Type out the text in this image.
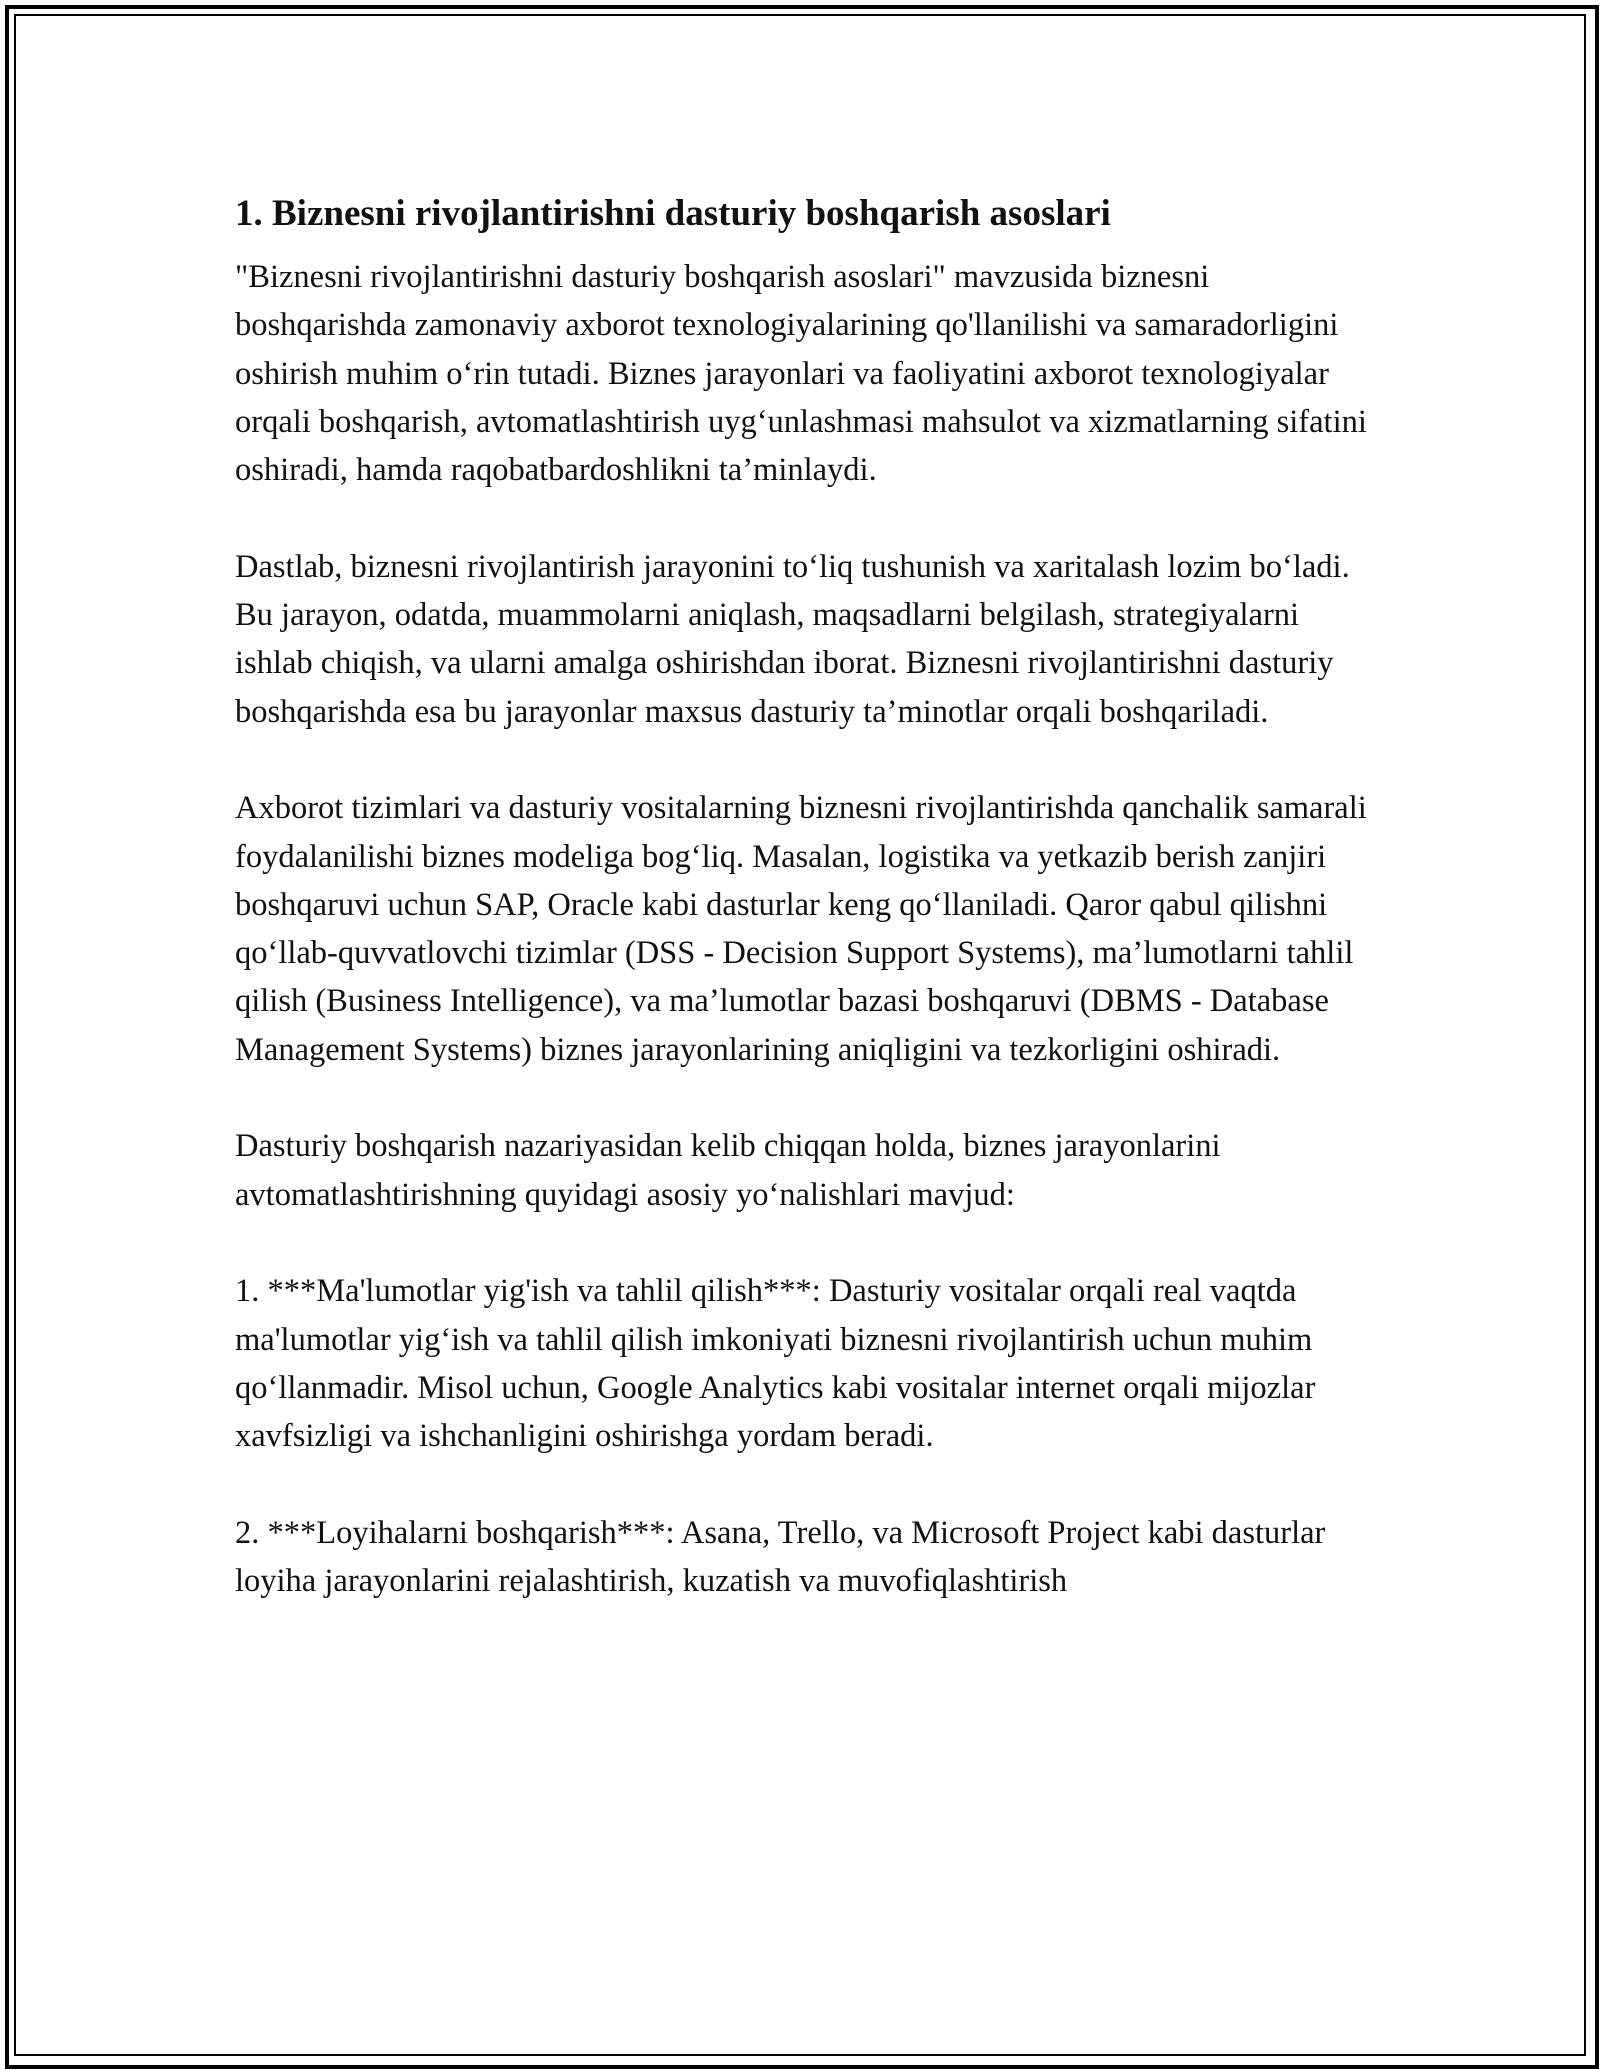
1. Biznesni rivojlantirishni dasturiy boshqarish asoslari

"Biznesni rivojlantirishni dasturiy boshqarish asoslari" mavzusida biznesni boshqarishda zamonaviy axborot texnologiyalarining qo'llanilishi va samaradorligini oshirish muhim o‘rin tutadi. Biznes jarayonlari va faoliyatini axborot texnologiyalar orqali boshqarish, avtomatlashtirish uyg‘unlashmasi mahsulot va xizmatlarning sifatini oshiradi, hamda raqobatbardoshlikni ta’minlaydi.

Dastlab, biznesni rivojlantirish jarayonini to‘liq tushunish va xaritalash lozim bo‘ladi. Bu jarayon, odatda, muammolarni aniqlash, maqsadlarni belgilash, strategiyalarni ishlab chiqish, va ularni amalga oshirishdan iborat. Biznesni rivojlantirishni dasturiy boshqarishda esa bu jarayonlar maxsus dasturiy ta’minotlar orqali boshqariladi.

Axborot tizimlari va dasturiy vositalarning biznesni rivojlantirishda qanchalik samarali foydalanilishi biznes modeliga bog‘liq. Masalan, logistika va yetkazib berish zanjiri boshqaruvi uchun SAP, Oracle kabi dasturlar keng qo‘llaniladi. Qaror qabul qilishni qo‘llab-quvvatlovchi tizimlar (DSS - Decision Support Systems), ma’lumotlarni tahlil qilish (Business Intelligence), va ma’lumotlar bazasi boshqaruvi (DBMS - Database Management Systems) biznes jarayonlarining aniqligini va tezkorligini oshiradi.

Dasturiy boshqarish nazariyasidan kelib chiqqan holda, biznes jarayonlarini avtomatlashtirishning quyidagi asosiy yo‘nalishlari mavjud:

1. ***Ma'lumotlar yig'ish va tahlil qilish***: Dasturiy vositalar orqali real vaqtda ma'lumotlar yig‘ish va tahlil qilish imkoniyati biznesni rivojlantirish uchun muhim qo‘llanmadir. Misol uchun, Google Analytics kabi vositalar internet orqali mijozlar xavfsizligi va ishchanligini oshirishga yordam beradi.

2. ***Loyihalarni boshqarish***: Asana, Trello, va Microsoft Project kabi dasturlar loyiha jarayonlarini rejalashtirish, kuzatish va muvofiqlashtirish
